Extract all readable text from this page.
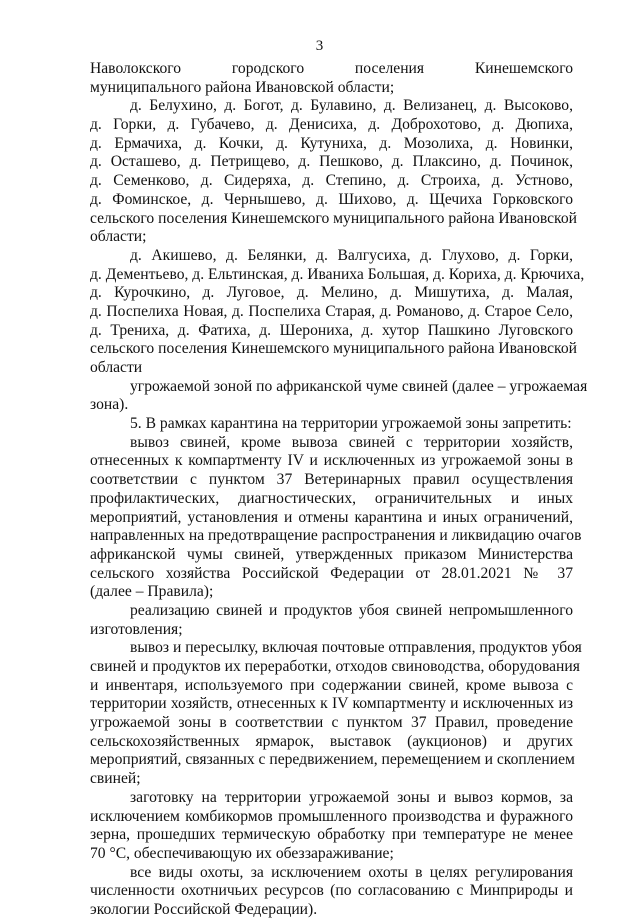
3
Наволокского городского поселения Кинешемского
муниципального района Ивановской области;
д. Белухино, д. Богот, д. Булавино, д. Велизанец, д. Высоково,
д. Горки, д. Губачево, д. Денисиха, д. Доброхотово, д. Дюпиха,
д. Ермачиха, д. Кочки, д. Кутуниха, д. Мозолиха, д. Новинки,
д. Осташево, д. Петрищево, д. Пешково, д. Плаксино, д. Починок,
д. Семенково, д. Сидеряха, д. Степино, д. Строиха, д. Устново,
д. Фоминское, д. Чернышево, д. Шихово, д. Щечиха Горковского
сельского поселения Кинешемского муниципального района Ивановской
области;
д. Акишево, д. Белянки, д. Валгусиха, д. Глухово, д. Горки,
д. Дементьево, д. Ельтинская, д. Иваниха Большая, д. Кориха, д. Крючиха,
д. Курочкино, д. Луговое, д. Мелино, д. Мишутиха, д. Малая,
д. Поспелиха Новая, д. Поспелиха Старая, д. Романово, д. Старое Село,
д. Трениха, д. Фатиха, д. Шерониха, д. хутор Пашкино Луговского
сельского поселения Кинешемского муниципального района Ивановской
области
угрожаемой зоной по африканской чуме свиней (далее – угрожаемая
зона).
5. В рамках карантина на территории угрожаемой зоны запретить:
вывоз свиней, кроме вывоза свиней с территории хозяйств,
отнесенных к компартменту IV и исключенных из угрожаемой зоны в
соответствии с пунктом 37 Ветеринарных правил осуществления
профилактических, диагностических, ограничительных и иных
мероприятий, установления и отмены карантина и иных ограничений,
направленных на предотвращение распространения и ликвидацию очагов
африканской чумы свиней, утвержденных приказом Министерства
сельского хозяйства Российской Федерации от 28.01.2021 № 37
(далее – Правила);
реализацию свиней и продуктов убоя свиней непромышленного
изготовления;
вывоз и пересылку, включая почтовые отправления, продуктов убоя
свиней и продуктов их переработки, отходов свиноводства, оборудования
и инвентаря, используемого при содержании свиней, кроме вывоза с
территории хозяйств, отнесенных к IV компартменту и исключенных из
угрожаемой зоны в соответствии с пунктом 37 Правил, проведение
сельскохозяйственных ярмарок, выставок (аукционов) и других
мероприятий, связанных с передвижением, перемещением и скоплением
свиней;
заготовку на территории угрожаемой зоны и вывоз кормов, за
исключением комбикормов промышленного производства и фуражного
зерна, прошедших термическую обработку при температуре не менее
70 °С, обеспечивающую их обеззараживание;
все виды охоты, за исключением охоты в целях регулирования
численности охотничьих ресурсов (по согласованию с Минприроды и
экологии Российской Федерации).
